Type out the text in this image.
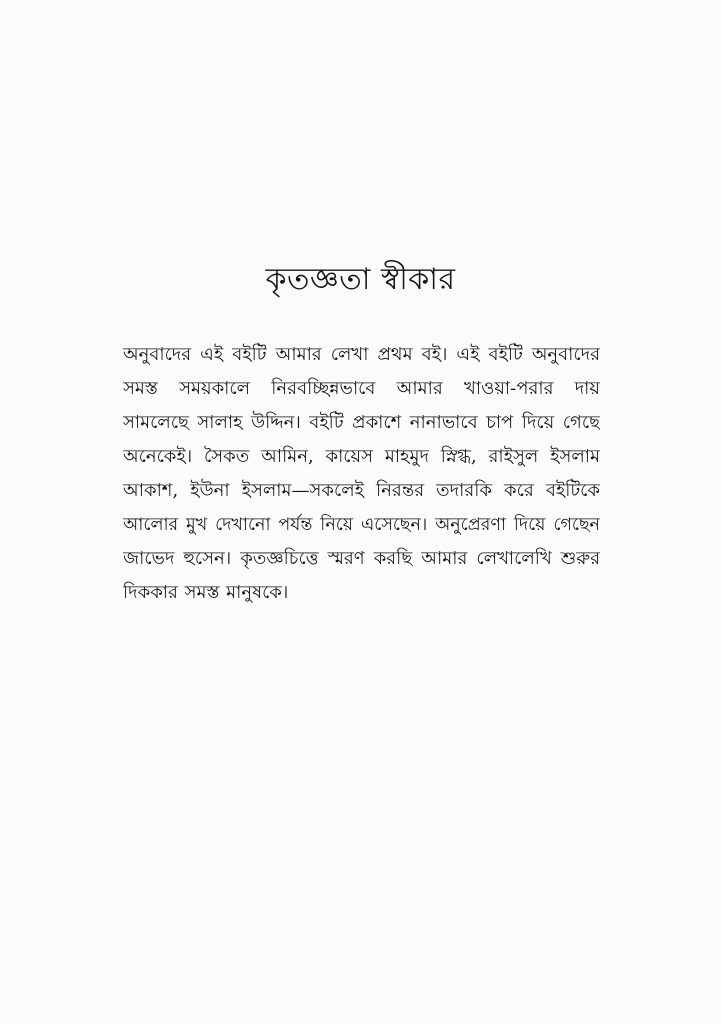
কৃতজ্ঞতা স্বীকার
অনুবাদের এই বইটি আমার লেখা প্রথম বই। এই বইটি অনুবাদের
সমস্ত সময়কালে নিরবচ্ছিন্নভাবে আমার খাওয়া-পরার দায়
সামলেছে সালাহ উদ্দিন। বইটি প্রকাশে নানাভাবে চাপ দিয়ে গেছে
অনেকেই। সৈকত আমিন, কায়েস মাহমুদ স্নিগ্ধ, রাইসুল ইসলাম
আকাশ, ইউনা ইসলাম—সকলেই নিরন্তর তদারকি করে বইটিকে
আলোর মুখ দেখানো পর্যন্ত নিয়ে এসেছেন। অনুপ্রেরণা দিয়ে গেছেন
জাভেদ হুসেন। কৃতজ্ঞচিত্তে স্মরণ করছি আমার লেখালেখি শুরুর
দিককার সমস্ত মানুষকে।
